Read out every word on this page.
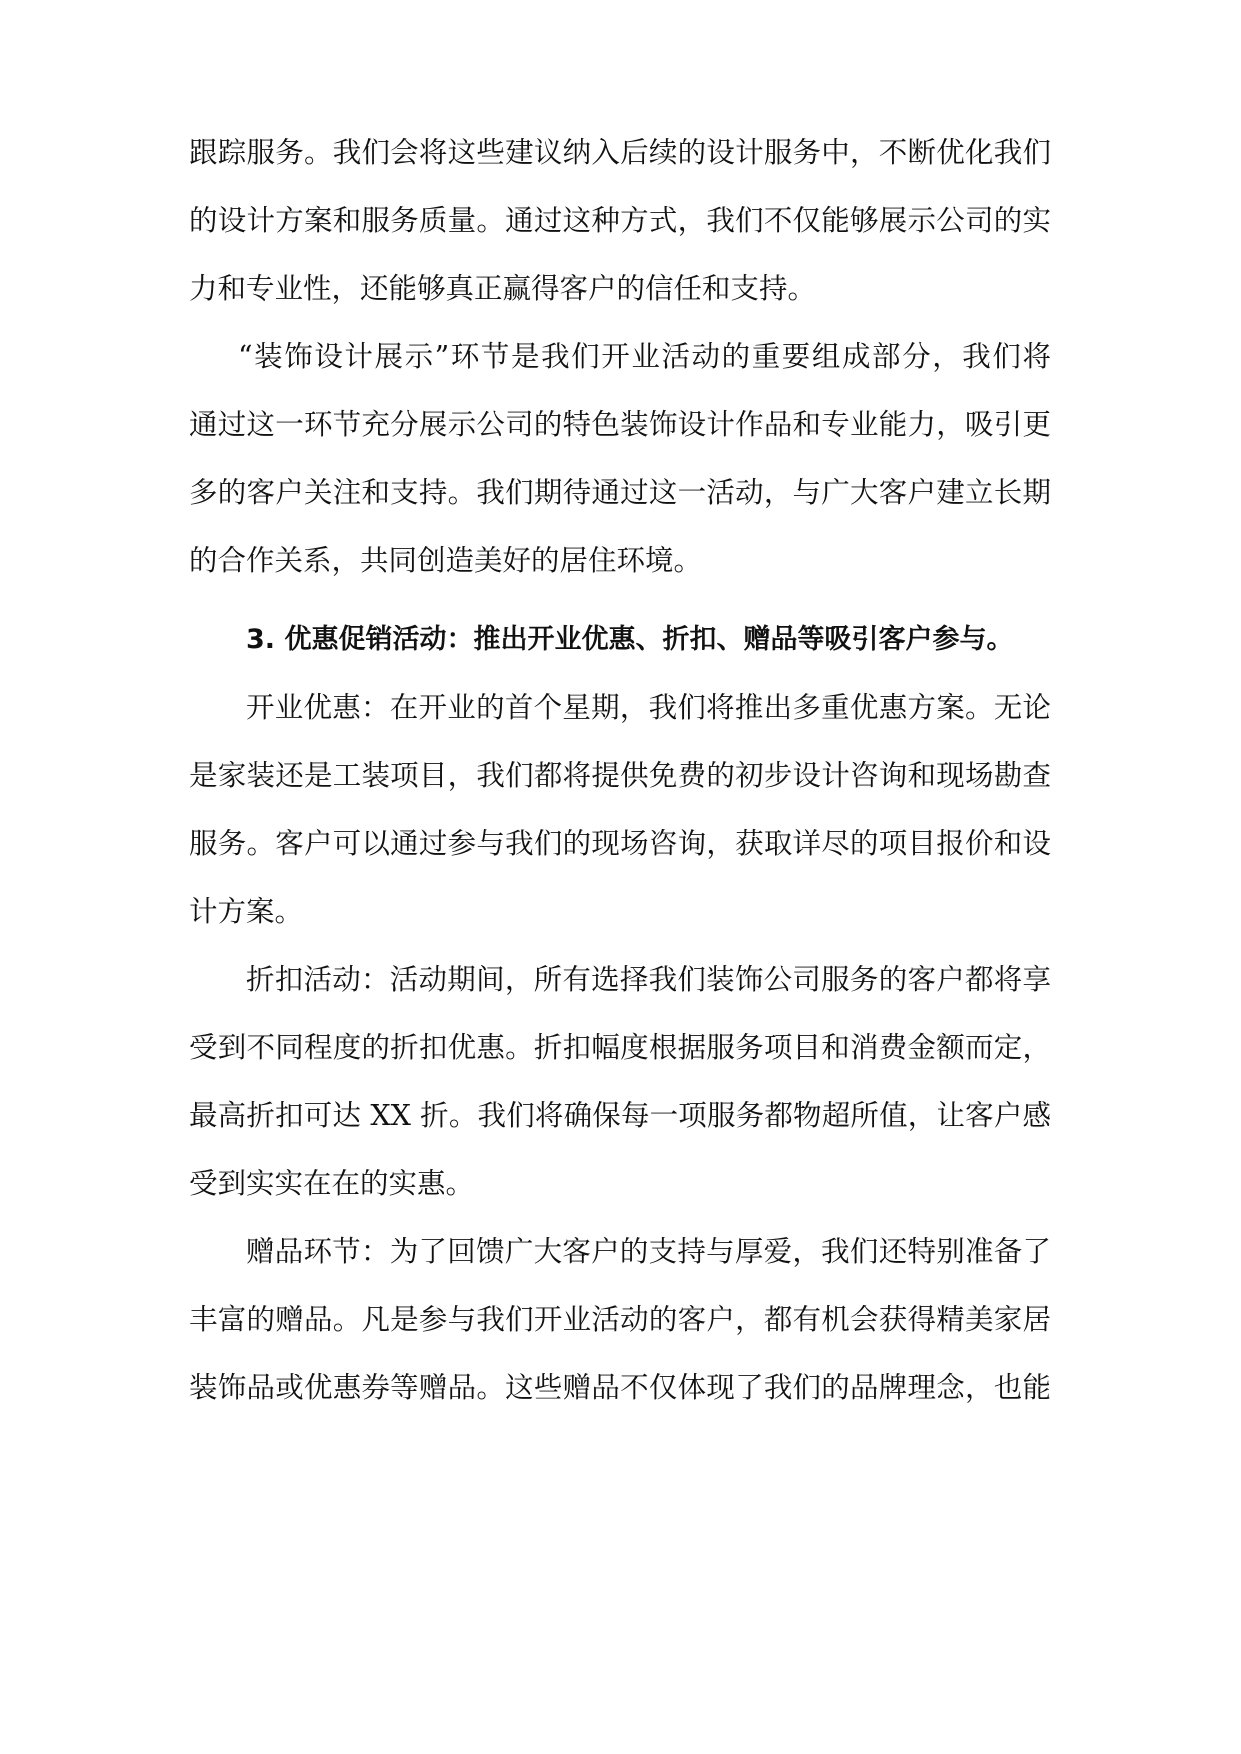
跟踪服务。我们会将这些建议纳入后续的设计服务中，不断优化我们
的设计方案和服务质量。通过这种方式，我们不仅能够展示公司的实
力和专业性，还能够真正赢得客户的信任和支持。
“装饰设计展示”环节是我们开业活动的重要组成部分，我们将
通过这一环节充分展示公司的特色装饰设计作品和专业能力，吸引更
多的客户关注和支持。我们期待通过这一活动，与广大客户建立长期
的合作关系，共同创造美好的居住环境。
3. 优惠促销活动：推出开业优惠、折扣、赠品等吸引客户参与。
开业优惠：在开业的首个星期，我们将推出多重优惠方案。无论
是家装还是工装项目，我们都将提供免费的初步设计咨询和现场勘查
服务。客户可以通过参与我们的现场咨询，获取详尽的项目报价和设
计方案。
折扣活动：活动期间，所有选择我们装饰公司服务的客户都将享
受到不同程度的折扣优惠。折扣幅度根据服务项目和消费金额而定，
最高折扣可达 XX 折。我们将确保每一项服务都物超所值，让客户感
受到实实在在的实惠。
赠品环节：为了回馈广大客户的支持与厚爱，我们还特别准备了
丰富的赠品。凡是参与我们开业活动的客户，都有机会获得精美家居
装饰品或优惠券等赠品。这些赠品不仅体现了我们的品牌理念，也能
